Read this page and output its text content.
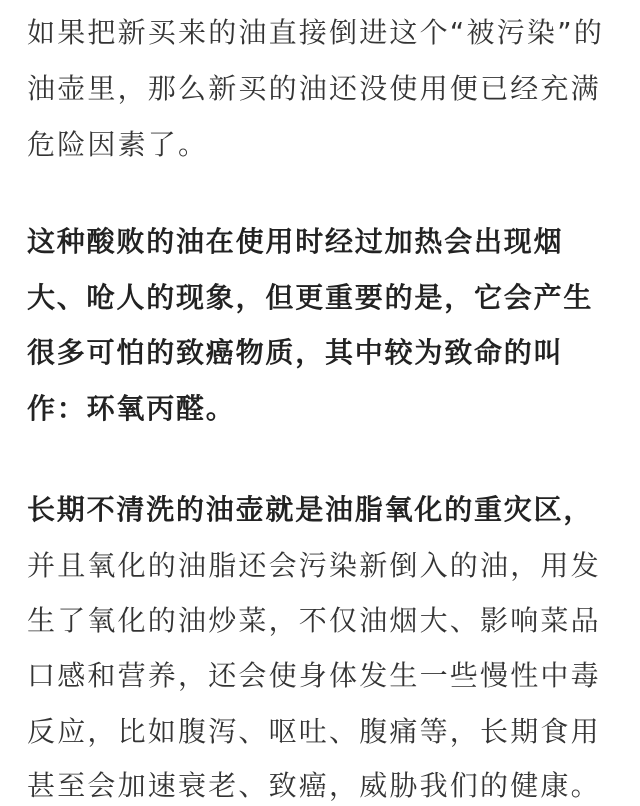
如果把新买来的油直接倒进这个“被污染”的
油壶里，那么新买的油还没使用便已经充满
危险因素了。
这种酸败的油在使用时经过加热会出现烟
大、呛人的现象，但更重要的是，它会产生
很多可怕的致癌物质，其中较为致命的叫
作：环氧丙醛。
长期不清洗的油壶就是油脂氧化的重灾区，
并且氧化的油脂还会污染新倒入的油，用发
生了氧化的油炒菜，不仅油烟大、影响菜品
口感和营养，还会使身体发生一些慢性中毒
反应，比如腹泻、呕吐、腹痛等，长期食用
甚至会加速衰老、致癌，威胁我们的健康。
